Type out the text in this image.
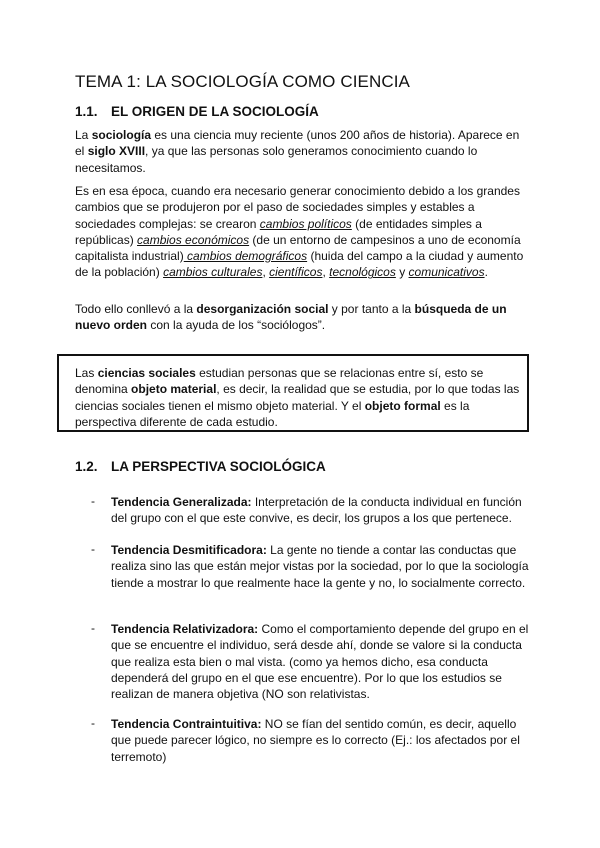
TEMA 1: LA SOCIOLOGÍA COMO CIENCIA
1.1. EL ORIGEN DE LA SOCIOLOGÍA

La sociología es una ciencia muy reciente (unos 200 años de historia). Aparece en el siglo XVIII, ya que las personas solo generamos conocimiento cuando lo necesitamos.

Es en esa época, cuando era necesario generar conocimiento debido a los grandes cambios que se produjeron por el paso de sociedades simples y estables a sociedades complejas: se crearon cambios políticos (de entidades simples a repúblicas) cambios económicos (de un entorno de campesinos a uno de economía capitalista industrial) cambios demográficos (huida del campo a la ciudad y aumento de la población) cambios culturales, científicos, tecnológicos y comunicativos.

Todo ello conllevó a la desorganización social y por tanto a la búsqueda de un nuevo orden con la ayuda de los “sociólogos”.

Las ciencias sociales estudian personas que se relacionas entre sí, esto se denomina objeto material, es decir, la realidad que se estudia, por lo que todas las ciencias sociales tienen el mismo objeto material. Y el objeto formal es la perspectiva diferente de cada estudio.

1.2. LA PERSPECTIVA SOCIOLÓGICA
- Tendencia Generalizada: Interpretación de la conducta individual en función del grupo con el que este convive, es decir, los grupos a los que pertenece.

- Tendencia Desmitificadora: La gente no tiende a contar las conductas que realiza sino las que están mejor vistas por la sociedad, por lo que la sociología tiende a mostrar lo que realmente hace la gente y no, lo socialmente correcto.

- Tendencia Relativizadora: Como el comportamiento depende del grupo en el que se encuentre el individuo, será desde ahí, donde se valore si la conducta que realiza esta bien o mal vista. (como ya hemos dicho, esa conducta dependerá del grupo en el que ese encuentre). Por lo que los estudios se realizan de manera objetiva (NO son relativistas.

- Tendencia Contraintuitiva: NO se fían del sentido común, es decir, aquello que puede parecer lógico, no siempre es lo correcto (Ej.: los afectados por el terremoto)
